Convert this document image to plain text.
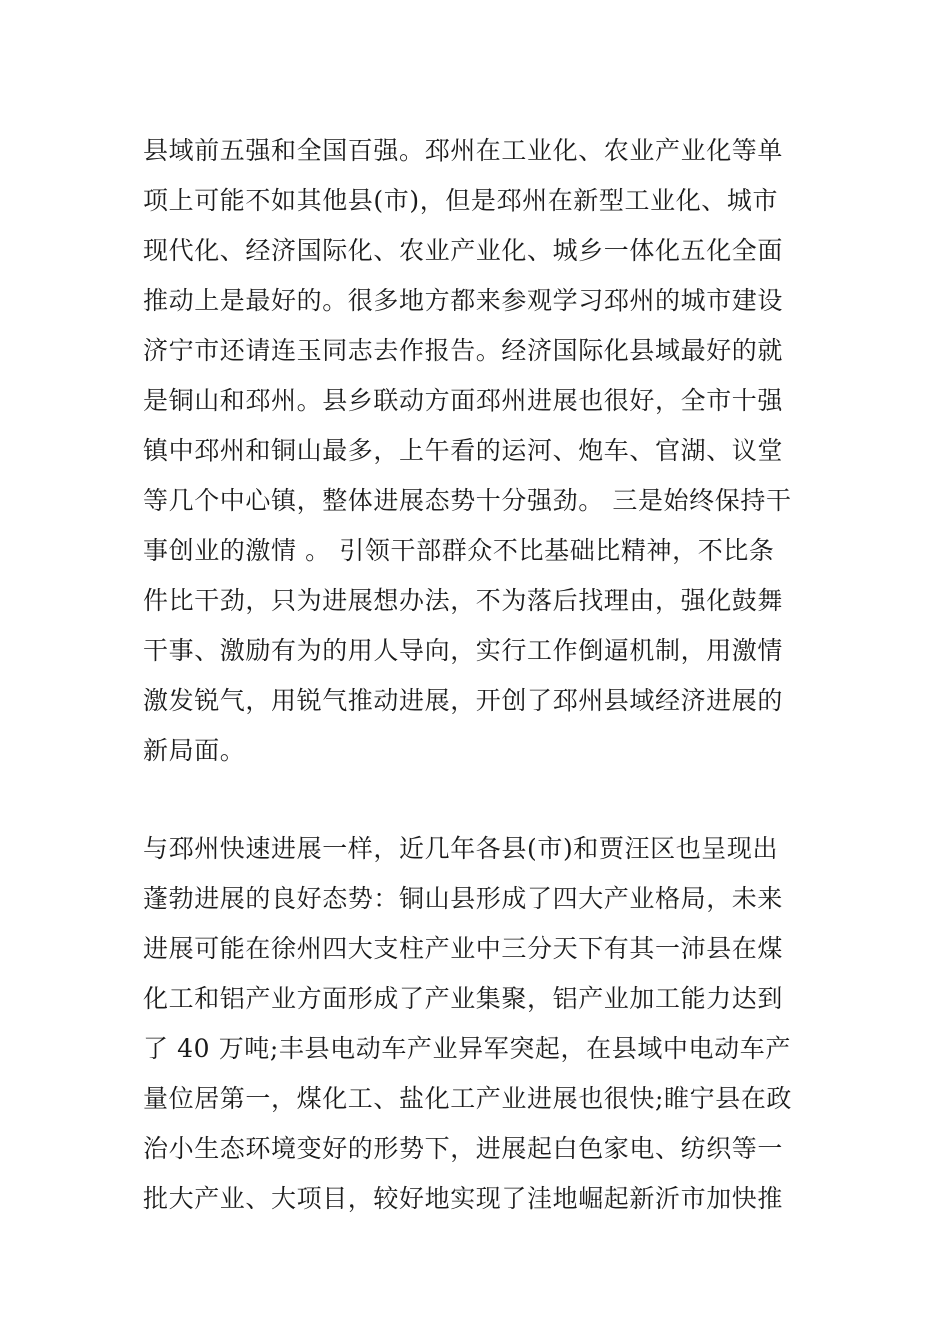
县域前五强和全国百强。邳州在工业化、农业产业化等单
项上可能不如其他县(市)，但是邳州在新型工业化、城市
现代化、经济国际化、农业产业化、城乡一体化五化全面
推动上是最好的。很多地方都来参观学习邳州的城市建设
济宁市还请连玉同志去作报告。经济国际化县域最好的就
是铜山和邳州。县乡联动方面邳州进展也很好，全市十强
镇中邳州和铜山最多，上午看的运河、炮车、官湖、议堂
等几个中心镇，整体进展态势十分强劲。 三是始终保持干
事创业的激情 。 引领干部群众不比基础比精神，不比条
件比干劲，只为进展想办法，不为落后找理由，强化鼓舞
干事、激励有为的用人导向，实行工作倒逼机制，用激情
激发锐气，用锐气推动进展，开创了邳州县域经济进展的
新局面。
与邳州快速进展一样，近几年各县(市)和贾汪区也呈现出
蓬勃进展的良好态势：铜山县形成了四大产业格局，未来
进展可能在徐州四大支柱产业中三分天下有其一沛县在煤
化工和铝产业方面形成了产业集聚，铝产业加工能力达到
了 40 万吨;丰县电动车产业异军突起，在县域中电动车产
量位居第一，煤化工、盐化工产业进展也很快;睢宁县在政
治小生态环境变好的形势下，进展起白色家电、纺织等一
批大产业、大项目，较好地实现了洼地崛起新沂市加快推
